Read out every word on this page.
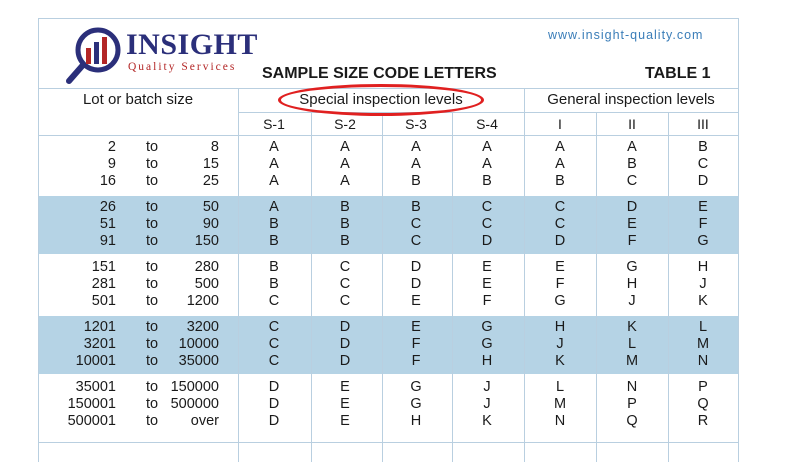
INSIGHT
Quality Services
www.insight-quality.com
SAMPLE SIZE CODE LETTERS	TABLE 1
Lot or batch size	Special inspection levels	General inspection levels
S-1	S-2	S-3	S-4	I	II	III
2	to	8	A	A	A	A	A	A	B
9	to	15	A	A	A	A	A	B	C
16	to	25	A	A	B	B	B	C	D
26	to	50	A	B	B	C	C	D	E
51	to	90	B	B	C	C	C	E	F
91	to	150	B	B	C	D	D	F	G
151	to	280	B	C	D	E	E	G	H
281	to	500	B	C	D	E	F	H	J
501	to	1200	C	C	E	F	G	J	K
1201	to	3200	C	D	E	G	H	K	L
3201	to	10000	C	D	F	G	J	L	M
10001	to	35000	C	D	F	H	K	M	N
35001	to 150000	D	E	G	J	L	N	P
150001	to 500000	D	E	G	J	M	P	Q
500001	to	over	D	E	H	K	N	Q	R
